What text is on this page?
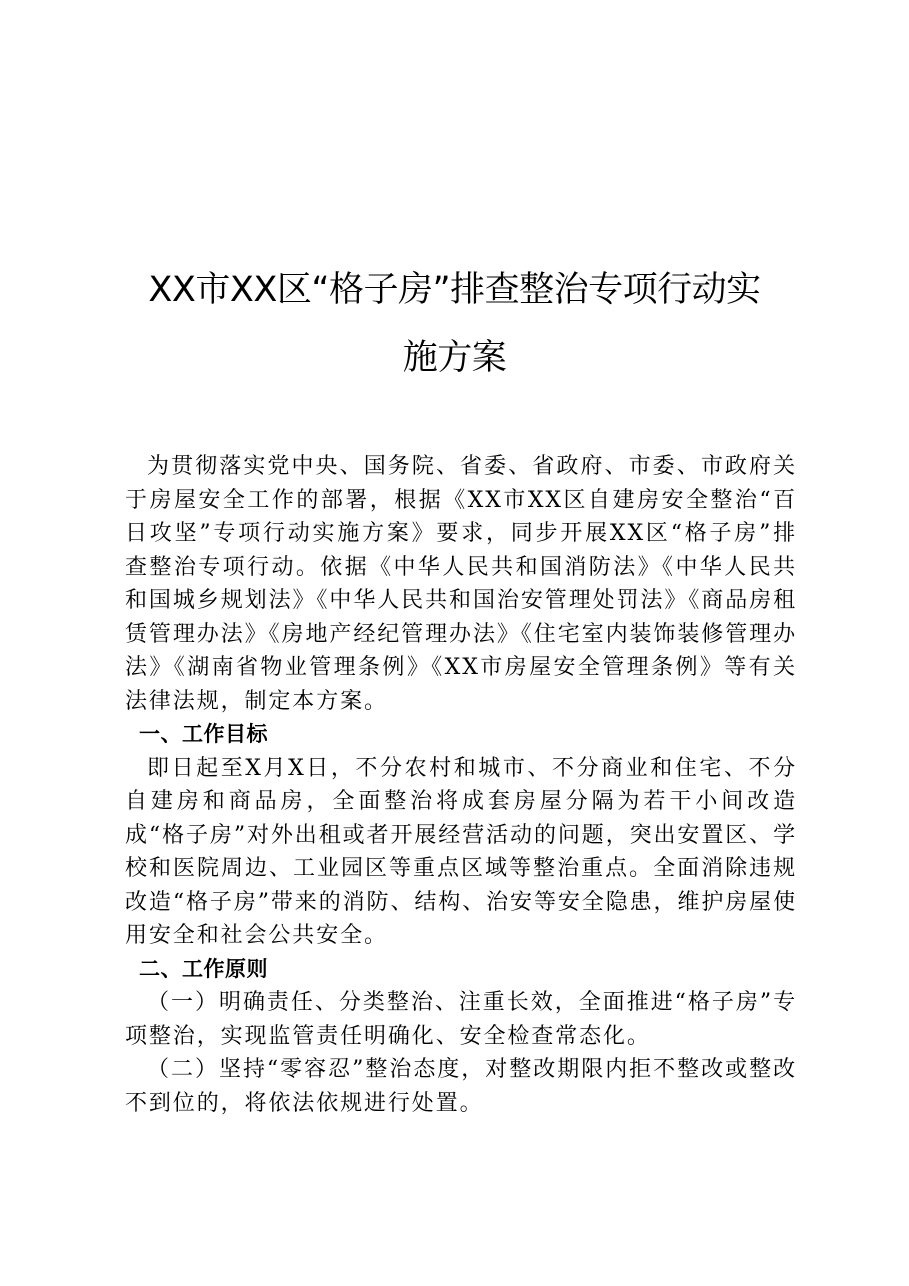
XX市XX区“格子房”排查整治专项行动实
施方案

为贯彻落实党中央、国务院、省委、省政府、市委、市政府关于房屋安全工作的部署，根据《XX市XX区自建房安全整治“百日攻坚”专项行动实施方案》要求，同步开展XX区“格子房”排查整治专项行动。依据《中华人民共和国消防法》《中华人民共和国城乡规划法》《中华人民共和国治安管理处罚法》《商品房租赁管理办法》《房地产经纪管理办法》《住宅室内装饰装修管理办法》《湖南省物业管理条例》《XX市房屋安全管理条例》等有关法律法规，制定本方案。

一、工作目标

即日起至X月X日，不分农村和城市、不分商业和住宅、不分自建房和商品房，全面整治将成套房屋分隔为若干小间改造成“格子房”对外出租或者开展经营活动的问题，突出安置区、学校和医院周边、工业园区等重点区域等整治重点。全面消除违规改造“格子房”带来的消防、结构、治安等安全隐患，维护房屋使用安全和社会公共安全。

二、工作原则

（一）明确责任、分类整治、注重长效，全面推进“格子房”专项整治，实现监管责任明确化、安全检查常态化。

（二）坚持“零容忍”整治态度，对整改期限内拒不整改或整改不到位的，将依法依规进行处置。
